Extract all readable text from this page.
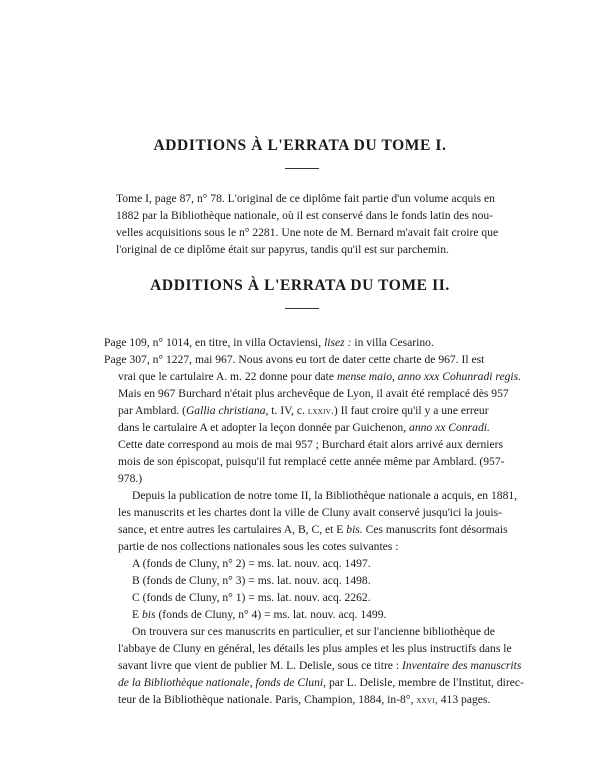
ADDITIONS À L'ERRATA DU TOME I.
Tome I, page 87, n° 78. L'original de ce diplôme fait partie d'un volume acquis en
1882 par la Bibliothèque nationale, où il est conservé dans le fonds latin des nou-
velles acquisitions sous le n° 2281. Une note de M. Bernard m'avait fait croire que
l'original de ce diplôme était sur papyrus, tandis qu'il est sur parchemin.
ADDITIONS À L'ERRATA DU TOME II.
Page 109, n° 1014, en titre, in villa Octaviensi, lisez : in villa Cesarino.
Page 307, n° 1227, mai 967. Nous avons eu tort de dater cette charte de 967. Il est
vrai que le cartulaire A. m. 22 donne pour date mense maio, anno xxx Cohunradi regis.
Mais en 967 Burchard n'était plus archevêque de Lyon, il avait été remplacé dès 957
par Amblard. (Gallia christiana, t. IV, c. lxxiv.) Il faut croire qu'il y a une erreur
dans le cartulaire A et adopter la leçon donnée par Guichenon, anno xx Conradi.
Cette date correspond au mois de mai 957 ; Burchard était alors arrivé aux derniers
mois de son épiscopat, puisqu'il fut remplacé cette année même par Amblard. (957-
978.)
Depuis la publication de notre tome II, la Bibliothèque nationale a acquis, en 1881,
les manuscrits et les chartes dont la ville de Cluny avait conservé jusqu'ici la jouis-
sance, et entre autres les cartulaires A, B, C, et E bis. Ces manuscrits font désormais
partie de nos collections nationales sous les cotes suivantes :
A (fonds de Cluny, n° 2) = ms. lat. nouv. acq. 1497.
B (fonds de Cluny, n° 3) = ms. lat. nouv. acq. 1498.
C (fonds de Cluny, n° 1) = ms. lat. nouv. acq. 2262.
E bis (fonds de Cluny, n° 4) = ms. lat. nouv. acq. 1499.
On trouvera sur ces manuscrits en particulier, et sur l'ancienne bibliothèque de
l'abbaye de Cluny en général, les détails les plus amples et les plus instructifs dans le
savant livre que vient de publier M. L. Delisle, sous ce titre : Inventaire des manuscrits
de la Bibliothèque nationale, fonds de Cluni, par L. Delisle, membre de l'Institut, direc-
teur de la Bibliothèque nationale. Paris, Champion, 1884, in-8°, xxvi, 413 pages.
